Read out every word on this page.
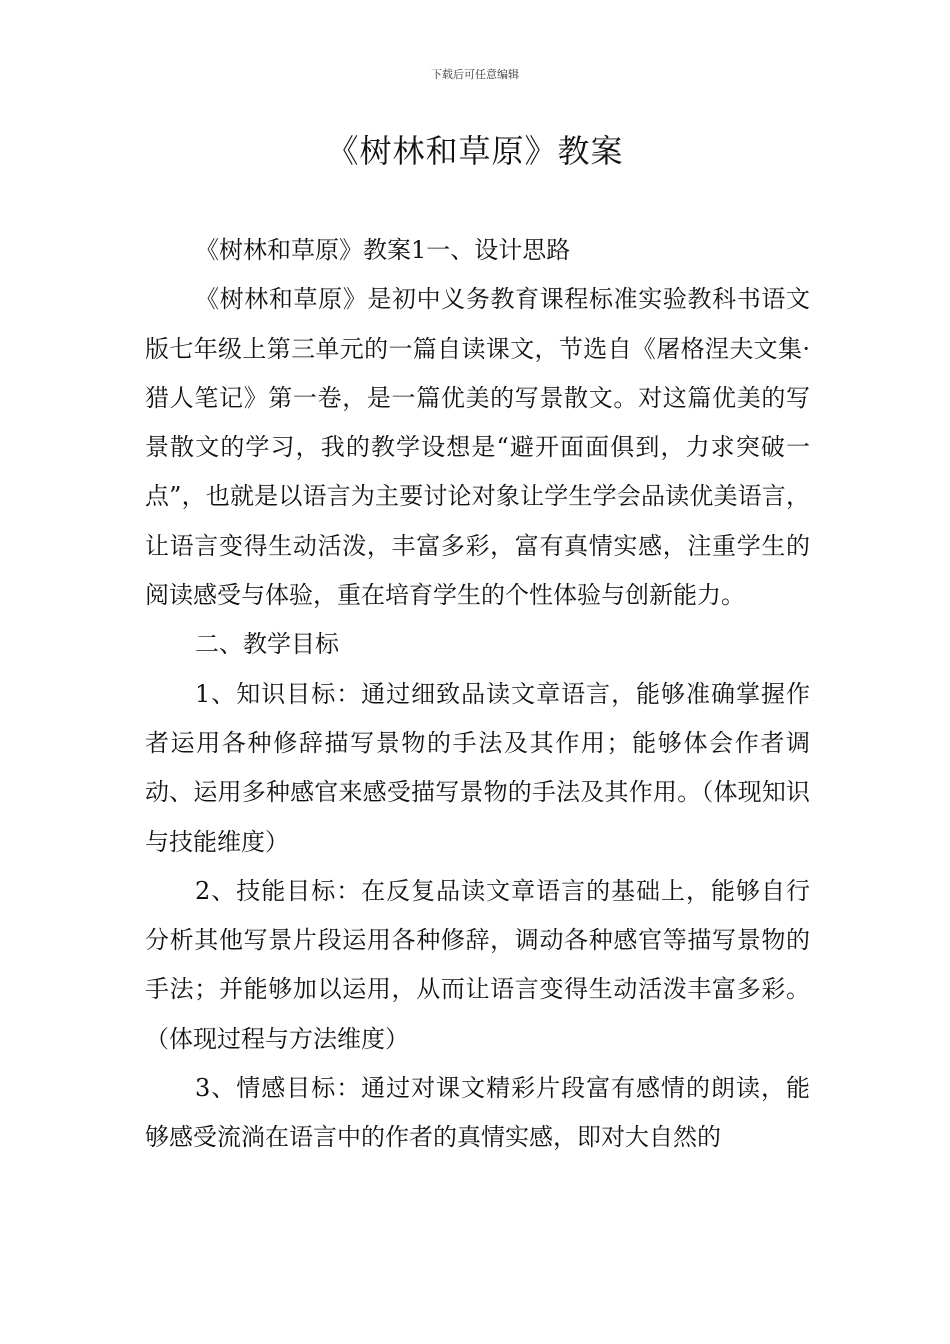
下载后可任意编辑
《树林和草原》教案

《树林和草原》教案1一、设计思路

《树林和草原》是初中义务教育课程标准实验教科书语文版七年级上第三单元的一篇自读课文，节选自《屠格涅夫文集·猎人笔记》第一卷，是一篇优美的写景散文。对这篇优美的写景散文的学习，我的教学设想是“避开面面俱到，力求突破一点”，也就是以语言为主要讨论对象让学生学会品读优美语言，让语言变得生动活泼，丰富多彩，富有真情实感，注重学生的阅读感受与体验，重在培育学生的个性体验与创新能力。

二、教学目标

1、知识目标：通过细致品读文章语言，能够准确掌握作者运用各种修辞描写景物的手法及其作用；能够体会作者调动、运用多种感官来感受描写景物的手法及其作用。（体现知识与技能维度）

2、技能目标：在反复品读文章语言的基础上，能够自行分析其他写景片段运用各种修辞，调动各种感官等描写景物的手法；并能够加以运用，从而让语言变得生动活泼丰富多彩。（体现过程与方法维度）

3、情感目标：通过对课文精彩片段富有感情的朗读，能够感受流淌在语言中的作者的真情实感，即对大自然的
